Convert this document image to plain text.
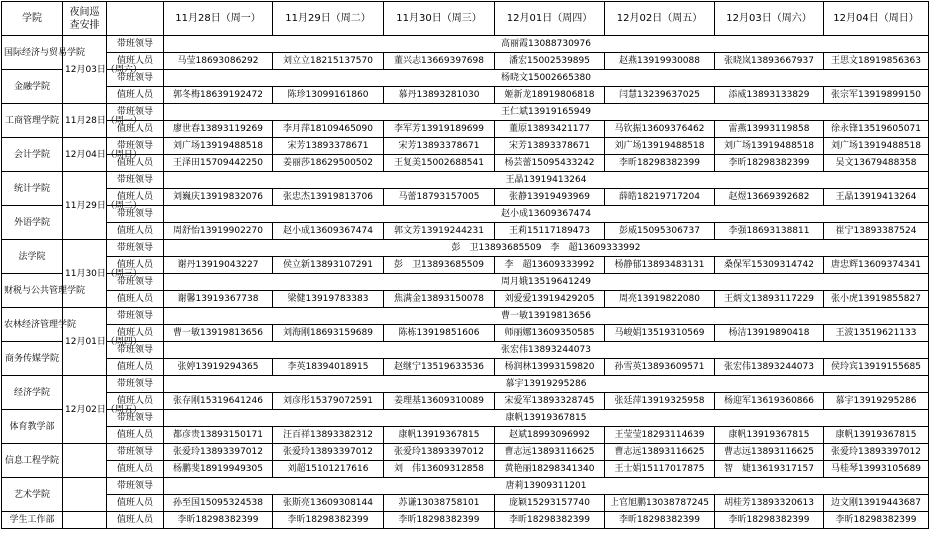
学院	夜间巡查安排		11月28日（周一）	11月29日（周二）	11月30日（周三）	12月01日（周四）	12月02日（周五）	12月03日（周六）	12月04日（周日）
国际经济与贸易学院	12月03日（周六）	带班领导	高丽霞13088730976						
		值班人员	马莹18693086292	刘立立18215137570	董兴志13669397698	潘宏15002539895	赵燕13919930088	张晓岚13893667937	王思文18919856363
金融学院		带班领导	杨晓文15002665380						
		值班人员	郭冬梅18639192472	陈珍13099161860	慕丹13893281030	姬新龙18919806818	闫慧13239637025	添威13893133829	张宗军13919899150
工商管理学院	11月28日（周一）	带班领导	王仁斌13919165949						
		值班人员	廖世春13893119269	李月萍18109465090	李军芳13919189699	董原13893421177	马钦振13609376462	雷燕13993119858	徐永锋13519605071
会计学院	12月04日（周日）	带班领导	刘广场13919488518	宋芳13893378671	宋芳13893378671	宋芳13893378671	刘广场13919488518	刘广场13919488518	刘广场13919488518
		值班人员	王泽田15709442250	姜丽莎18629500502	王复美15002688541	杨芸蕾15095433242	李昕18298382399	李昕18298382399	吴文13679488358
统计学院	11月29日（周二）	带班领导	王晶13919413264						
		值班人员	刘巍庆13919832076	张忠杰13919813706	马蕾18793157005	张静13919493969	薛皓18219717204	赵煜13669392682	王晶13919413264
外语学院		带班领导	赵小成13609367474						
		值班人员	周舒怡13919902270	赵小成13609367474	郭文芳13919244231	王莉15117189473	彭威15095306737	李强18693138811	崔宁13893387524
法学院	11月30日（周三）	带班领导	彭　卫13893685509　李　超13609333992						
		值班人员	谢丹13919043227	侯立新13893107291	彭　卫13893685509	李　超13609333992	杨静郁13893483131	桑保军15309314742	唐忠辉13609374341
财税与公共管理学院		带班领导	周月娥13519641249						
		值班人员	谢馨13919367738	梁健13919783383	焦满金13893150078	刘爱爱13919429205	周亮13919822080	王炳文13893117229	张小虎13919855827
农林经济管理学院	12月01日（周四）	带班领导	曹一敏13919813656						
		值班人员	曹一敏13919813656	刘海刚18693159689	陈栋13919851606	师丽娜13609350585	马峻娟13519310569	杨洁13919890418	王波13519621133
商务传媒学院		带班领导	张宏伟13893244073						
		值班人员	张婷13919294365	李英18394018915	赵继宁13519633536	杨润林13993159820	孙雪英13893609571	张宏伟13893244073	侯玲宾13919155685
经济学院	12月02日（周五）	带班领导	慕宇13919295286						
		值班人员	张存刚15319641246	刘彦彤15379072591	姜理基13609310089	宋爱军13893328745	张廷萍13919325958	杨迎军13619360866	慕宇13919295286
体育教学部		带班领导	康帆13919367815						
		值班人员	都彦贵13893150171	汪百祥13893382312	康帆13919367815	赵斌18993096992	王莹莹18293114639	康帆13919367815	康帆13919367815
信息工程学院		带班领导	张爱玲13893397012	张爱玲13893397012	张爱玲13893397012	曹志远13893116625	曹志远13893116625	曹志远13893116625	张爱玲13893397012
		值班人员	杨鹏斐18919949305	刘超15101217616	刘　伟13609312858	黄艳丽18298341340	王士娟15117017875	智　婕13619317157	马桂琴13993105689
艺术学院		带班领导	唐莉13909311201						
		值班人员	孙至国15095324538	张斯亮13609308144	苏谦13038758101	庞颖15293157740	上官旭鹏13038787245	胡桂芳13893320613	边文刚13919443687
学生工作部		值班人员	李昕18298382399	李昕18298382399	李昕18298382399	李昕18298382399	李昕18298382399	李昕18298382399	李昕18298382399
